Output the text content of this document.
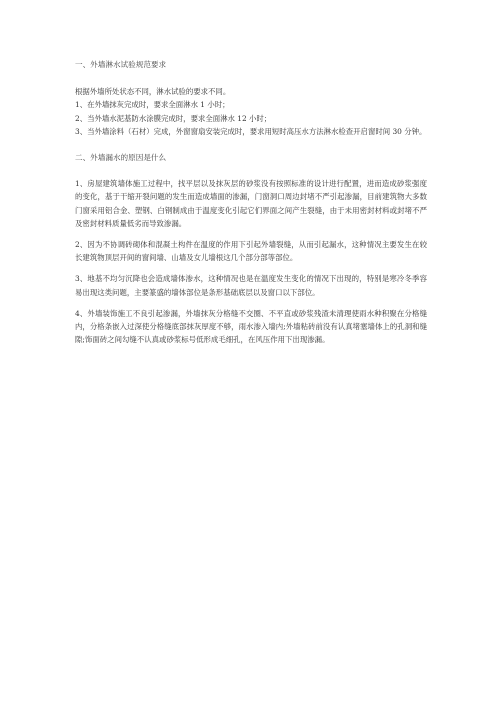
一、外墙淋水试验规范要求

根据外墙所处状态不同，淋水试验的要求不同。

1、在外墙抹灰完成时，要求全面淋水 1 小时；

2、当外墙水泥基防水涂膜完成时，要求全面淋水 12 小时；

3、当外墙涂料（石材）完成，外窗窗扇安装完成时，要求用短时高压水方法淋水检查开启窗时间 30 分钟。

二、外墙漏水的原因是什么

1、房屋建筑墙体施工过程中，找平层以及抹灰层的砂浆没有按照标准的设计进行配置，进而造成砂浆强度的变化，基于干缩开裂问题的发生而造成墙面的渗漏，门窗洞口周边封堵不严引起渗漏，目前建筑物大多数门窗采用铝合金、塑钢、白钢制成由于温度变化引起它们界面之间产生裂缝，由于未用密封材料或封堵不严及密封材料质量低劣而导致渗漏。

2、因为不协调砖砌体和混凝土构件在温度的作用下引起外墙裂缝，从而引起漏水，这种情况主要发生在较长建筑物顶层开间的窗间墙、山墙及女儿墙根这几个部分部等部位。

3、地基不均匀沉降也会造成墙体渗水，这种情况也是在温度发生变化的情况下出现的，特别是寒冷冬季容易出现这类问题，主要篆盛的墙体部位是条形基础底层以及窗口以下部位。

4、外墙装饰施工不良引起渗漏，外墙抹灰分格缝不交圈、不平直或砂浆残渣未清理使雨水种积聚在分格缝内，分格条嵌入过深使分格缝底部抹灰厚度不够，雨水渗入墙内;外墙粘砖前没有认真堵塞墙体上的孔洞和缝隙;饰面砖之间勾缝不认真或砂浆标号低形成毛细孔，在风压作用下出现渗漏。
